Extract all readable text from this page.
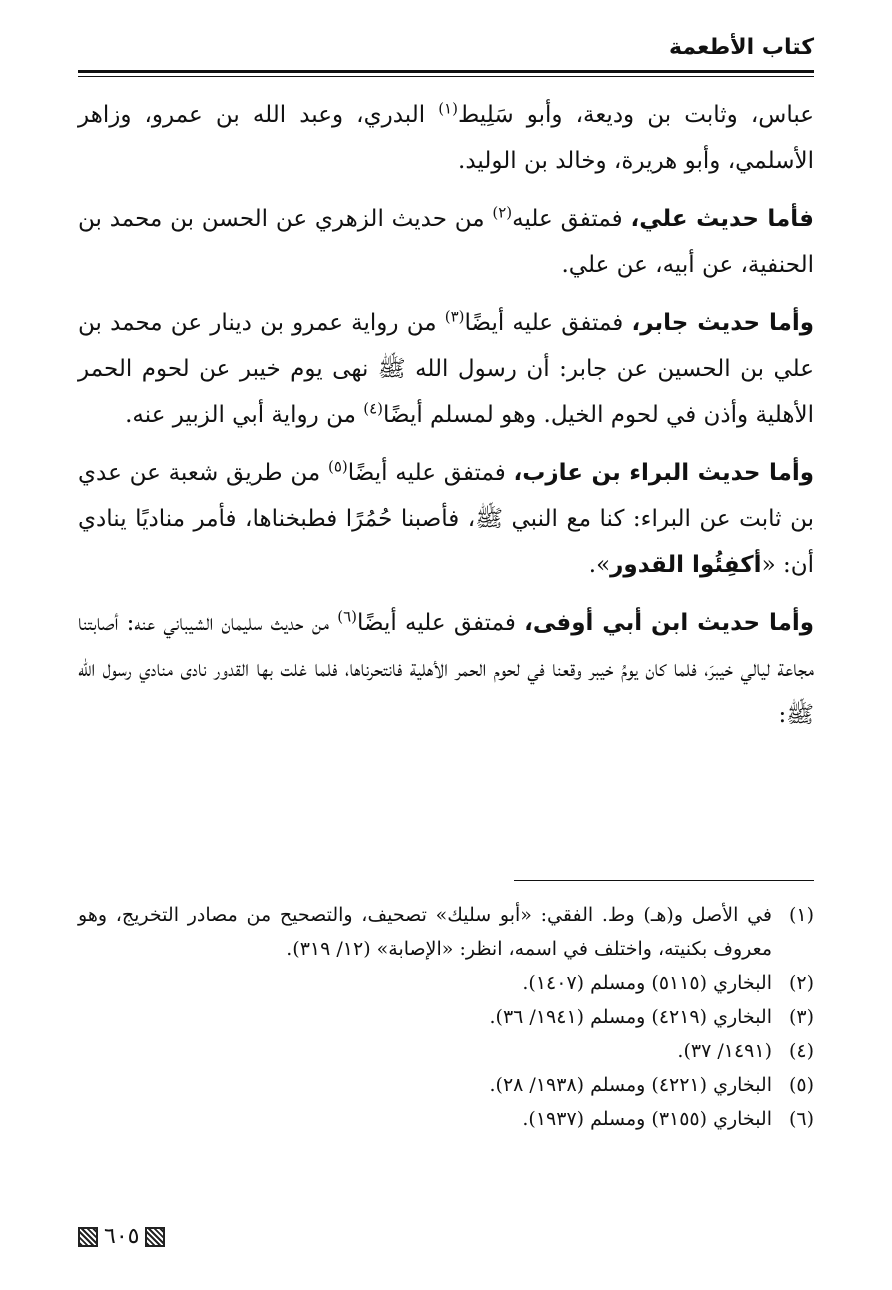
كتاب الأطعمة

عباس، وثابت بن وديعة، وأبو سَلِيط$^{(١)}$ البدري، وعبد الله بن عمرو، وزاهر الأسلمي، وأبو هريرة، وخالد بن الوليد.

فأما حديث علي، فمتفق عليه$^{(٢)}$ من حديث الزهري عن الحسن بن محمد بن الحنفية، عن أبيه، عن علي.

وأما حديث جابر، فمتفق عليه أيضًا$^{(٣)}$ من رواية عمرو بن دينار عن محمد بن علي بن الحسين عن جابر: أن رسول الله ﷺ نهى يوم خيبر عن لحوم الحمر الأهلية وأذن في لحوم الخيل. وهو لمسلم أيضًا$^{(٤)}$ من رواية أبي الزبير عنه.

وأما حديث البراء بن عازب، فمتفق عليه أيضًا$^{(٥)}$ من طريق شعبة عن عدي بن ثابت عن البراء: كنا مع النبي ﷺ، فأصبنا حُمُرًا فطبخناها، فأمر مناديًا ينادي أن: «أكفِئُوا القدور».

وأما حديث ابن أبي أوفى، فمتفق عليه أيضًا$^{(٦)}$ من حديث سليمان الشيباني عنه: أصابتنا مجاعة ليالي خيبرَ، فلما كان يومُ خيبر وقعنا في لحوم الحمر الأهلية فانتحرناها، فلما غلت بها القدور نادى منادي رسول الله ﷺ:

(١)
في الأصل و(هـ) وط. الفقي: «أبو سليك» تصحيف، والتصحيح من مصادر التخريج، وهو معروف بكنيته، واختلف في اسمه، انظر: «الإصابة» (١٢/ ٣١٩).
(٢)
البخاري (٥١١٥) ومسلم (١٤٠٧).
(٣)
البخاري (٤٢١٩) ومسلم (١٩٤١/ ٣٦).
(٤)
(١٤٩١/ ٣٧).
(٥)
البخاري (٤٢٢١) ومسلم (١٩٣٨/ ٢٨).
(٦)
البخاري (٣١٥٥) ومسلم (١٩٣٧).
٦٠٥
